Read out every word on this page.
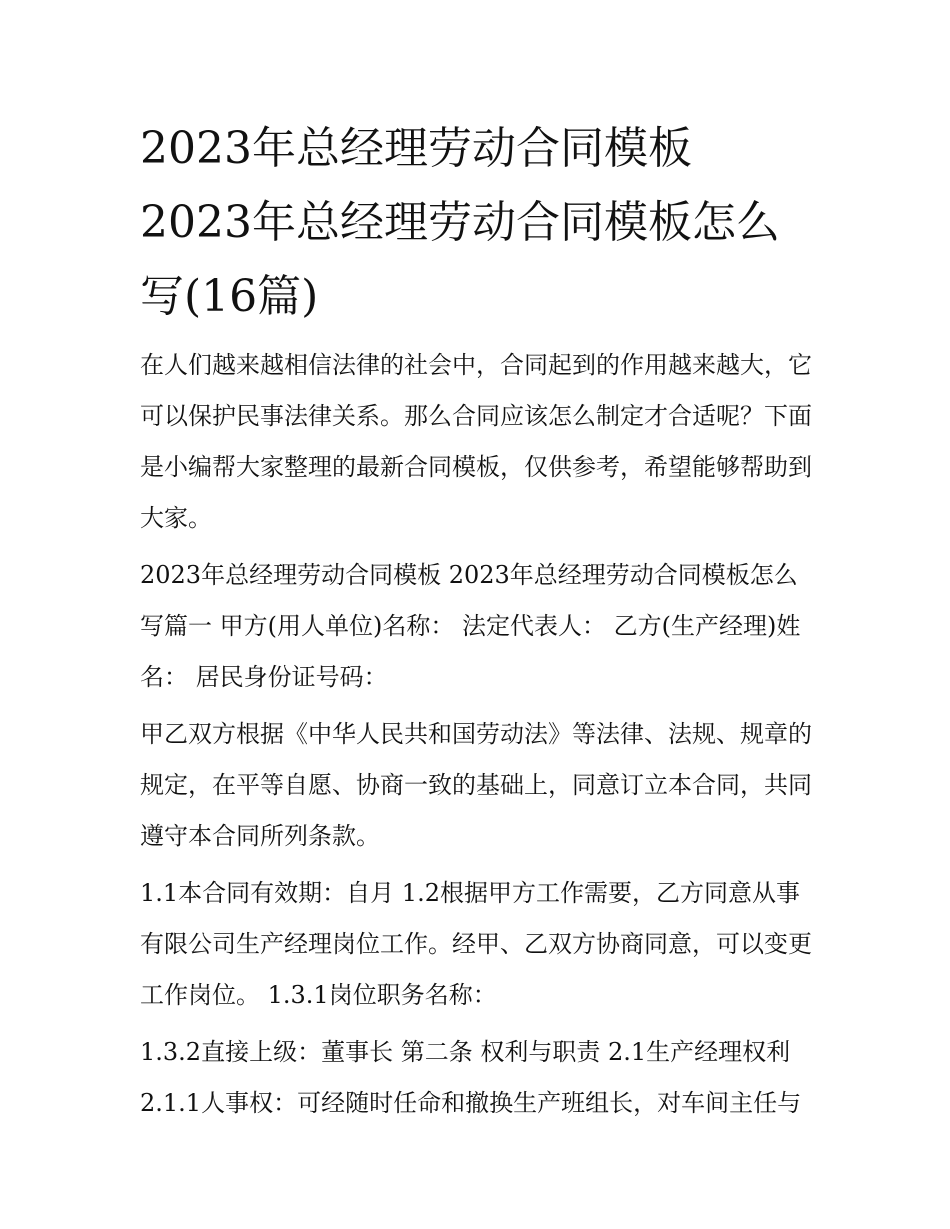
2023年总经理劳动合同模板
2023年总经理劳动合同模板怎么写(16篇)

在人们越来越相信法律的社会中，合同起到的作用越来越大，它可以保护民事法律关系。那么合同应该怎么制定才合适呢？下面是小编帮大家整理的最新合同模板，仅供参考，希望能够帮助到大家。

2023年总经理劳动合同模板 2023年总经理劳动合同模板怎么写篇一 甲方(用人单位)名称： 法定代表人： 乙方(生产经理)姓名： 居民身份证号码：

甲乙双方根据《中华人民共和国劳动法》等法律、法规、规章的规定，在平等自愿、协商一致的基础上，同意订立本合同，共同遵守本合同所列条款。

1.1本合同有效期：自月 1.2根据甲方工作需要，乙方同意从事有限公司生产经理岗位工作。经甲、乙双方协商同意，可以变更工作岗位。 1.3.1岗位职务名称：

1.3.2直接上级：董事长 第二条 权利与职责 2.1生产经理权利 2.1.1人事权：可经随时任命和撤换生产班组长，对车间主任与
